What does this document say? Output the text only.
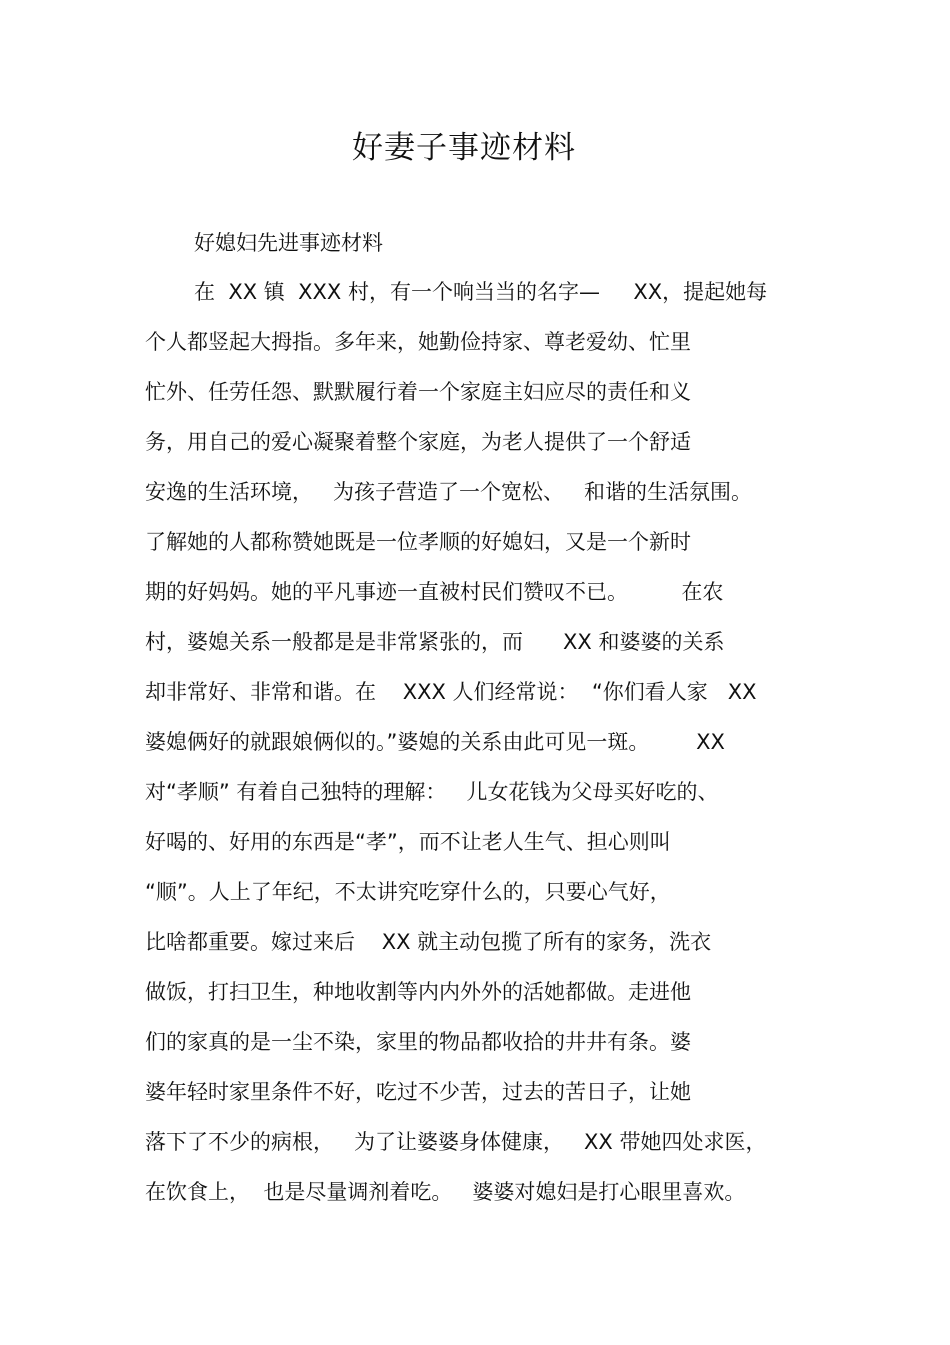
好妻子事迹材料
好媳妇先进事迹材料
在  XX 镇  XXX 村，有一个响当当的名字—     XX，提起她每
个人都竖起大拇指。多年来，她勤俭持家、尊老爱幼、忙里
忙外、任劳任怨、默默履行着一个家庭主妇应尽的责任和义
务，用自己的爱心凝聚着整个家庭，为老人提供了一个舒适
安逸的生活环境，   为孩子营造了一个宽松、   和谐的生活氛围。
了解她的人都称赞她既是一位孝顺的好媳妇，又是一个新时
期的好妈妈。她的平凡事迹一直被村民们赞叹不已。        在农
村，婆媳关系一般都是是非常紧张的，而      XX 和婆婆的关系
却非常好、非常和谐。在    XXX 人们经常说：  “你们看人家   XX
婆媳俩好的就跟娘俩似的。”婆媳的关系由此可见一斑。       XX
对“孝顺” 有着自己独特的理解：   儿女花钱为父母买好吃的、
好喝的、好用的东西是“孝”，而不让老人生气、担心则叫
“顺”。人上了年纪，不太讲究吃穿什么的，只要心气好，
比啥都重要。嫁过来后    XX 就主动包揽了所有的家务，洗衣
做饭，打扫卫生，种地收割等内内外外的活她都做。走进他
们的家真的是一尘不染，家里的物品都收拾的井井有条。婆
婆年轻时家里条件不好，吃过不少苦，过去的苦日子，让她
落下了不少的病根，   为了让婆婆身体健康，   XX 带她四处求医，
在饮食上，  也是尽量调剂着吃。   婆婆对媳妇是打心眼里喜欢。
